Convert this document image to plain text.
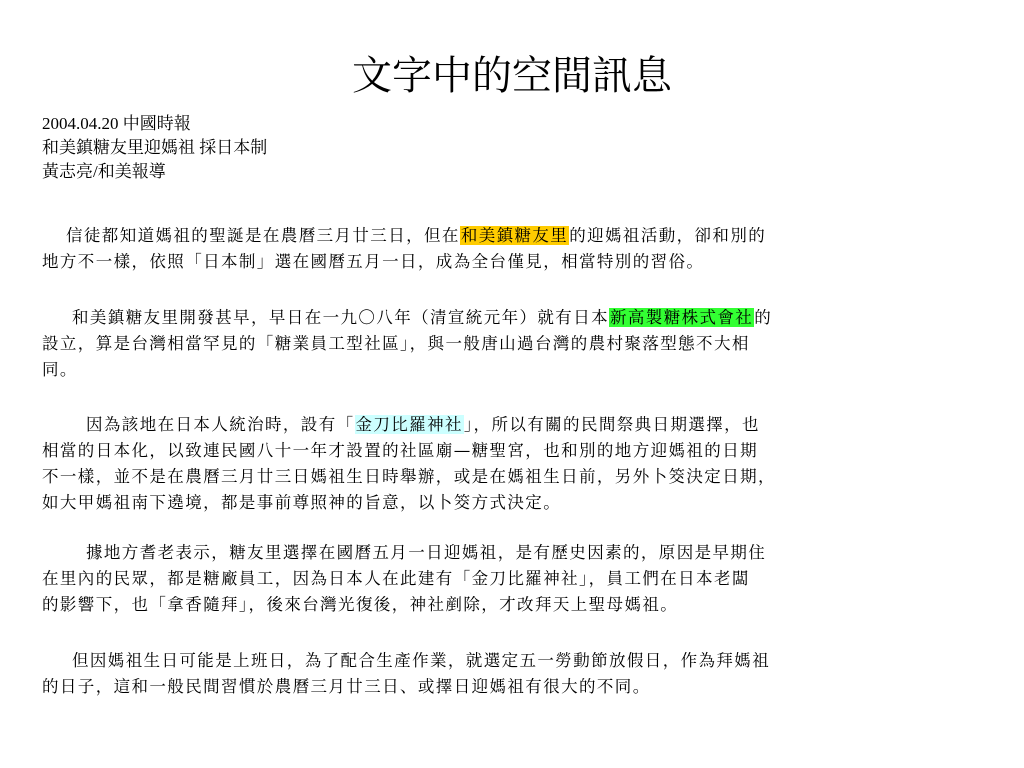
文字中的空間訊息
2004.04.20 中國時報
和美鎮糖友里迎媽祖 採日本制
黃志亮/和美報導
信徒都知道媽祖的聖誕是在農曆三月廿三日，但在和美鎮糖友里的迎媽祖活動，卻和別的
地方不一樣，依照「日本制」選在國曆五月一日，成為全台僅見，相當特別的習俗。
和美鎮糖友里開發甚早，早日在一九〇八年（清宣統元年）就有日本新高製糖株式會社的
設立，算是台灣相當罕見的「糖業員工型社區」，與一般唐山過台灣的農村聚落型態不大相
同。
因為該地在日本人統治時，設有「金刀比羅神社」，所以有關的民間祭典日期選擇，也
相當的日本化，以致連民國八十一年才設置的社區廟—糖聖宮，也和別的地方迎媽祖的日期
不一樣，並不是在農曆三月廿三日媽祖生日時舉辦，或是在媽祖生日前，另外卜筊決定日期，
如大甲媽祖南下遶境，都是事前尊照神的旨意，以卜筊方式決定。
據地方耆老表示，糖友里選擇在國曆五月一日迎媽祖，是有歷史因素的，原因是早期住
在里內的民眾，都是糖廠員工，因為日本人在此建有「金刀比羅神社」，員工們在日本老闆
的影響下，也「拿香隨拜」，後來台灣光復後，神社剷除，才改拜天上聖母媽祖。
但因媽祖生日可能是上班日，為了配合生產作業，就選定五一勞動節放假日，作為拜媽祖
的日子，這和一般民間習慣於農曆三月廿三日、或擇日迎媽祖有很大的不同。
